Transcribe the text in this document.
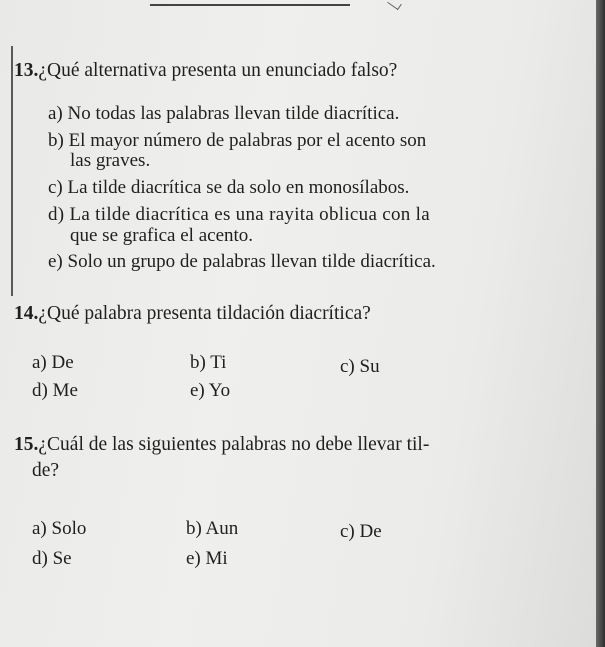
13.¿Qué alternativa presenta un enunciado falso?
a) No todas las palabras llevan tilde diacrítica.
b) El mayor número de palabras por el acento son
las graves.
c) La tilde diacrítica se da solo en monosílabos.
d) La tilde diacrítica es una rayita oblicua con la
que se grafica el acento.
e) Solo un grupo de palabras llevan tilde diacrítica.
14.¿Qué palabra presenta tildación diacrítica?
a) De	b) Ti	c) Su
d) Me	e) Yo
15.¿Cuál de las siguientes palabras no debe llevar til-
de?
a) Solo	b) Aun	c) De
d) Se	e) Mi
